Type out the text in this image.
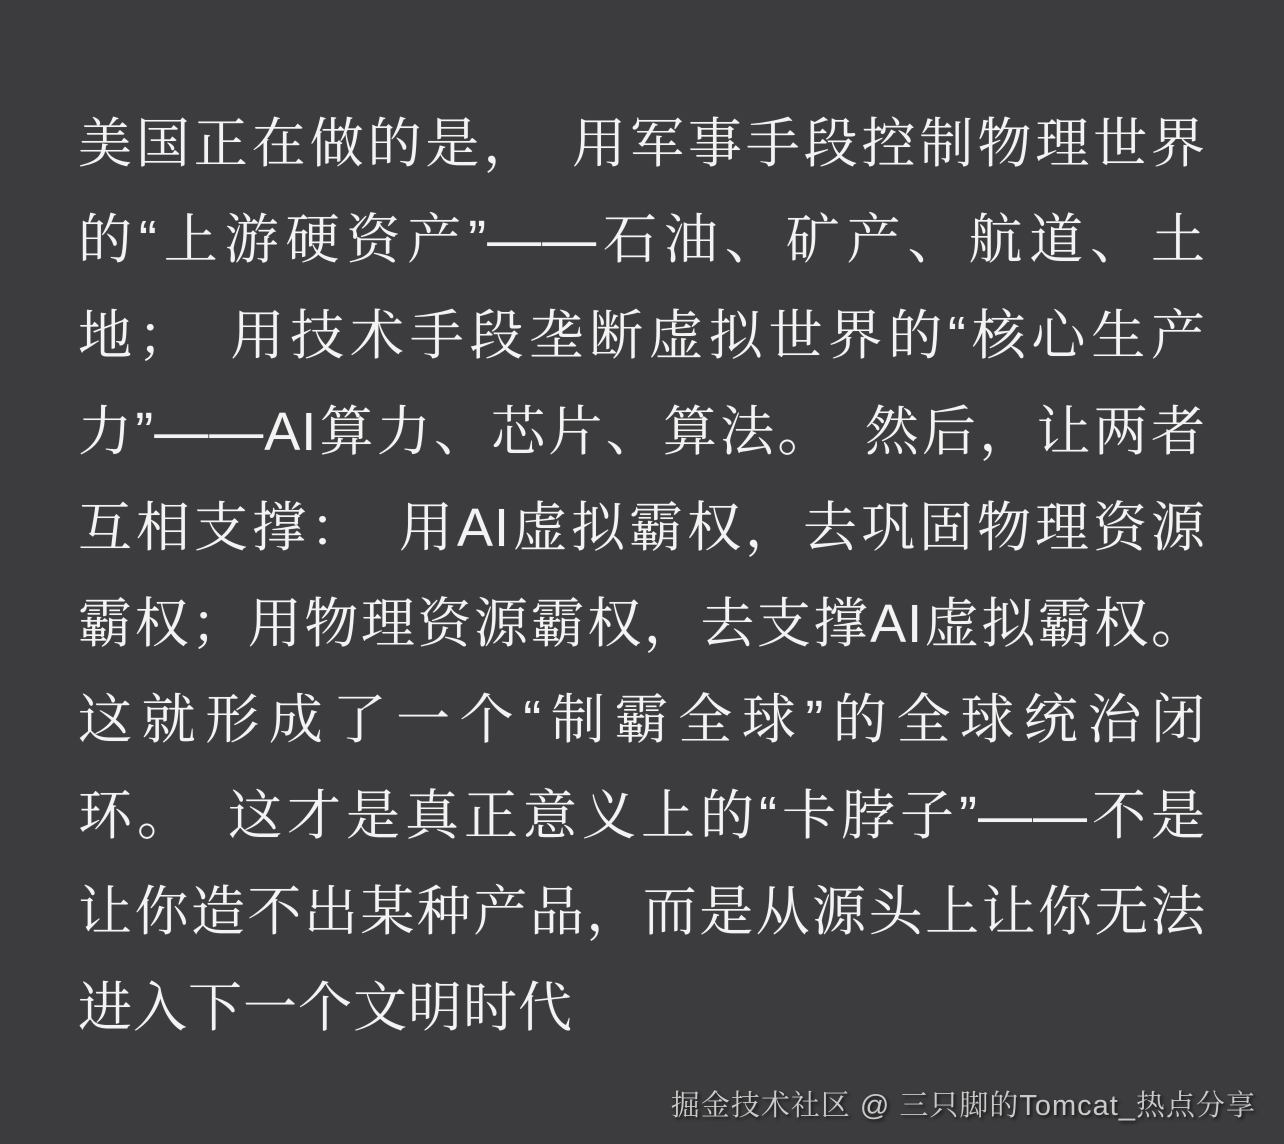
美国正在做的是，　用军事手段控制物理世界
的“上游硬资产”——石油、矿产、航道、土
地；　用技术手段垄断虚拟世界的“核心生产
力”——AI算力、芯片、算法。　然后，让两者
互相支撑：　用AI虚拟霸权，去巩固物理资源
霸权；用物理资源霸权，去支撑AI虚拟霸权。
这就形成了一个“制霸全球”的全球统治闭
环。　这才是真正意义上的“卡脖子”——不是
让你造不出某种产品，而是从源头上让你无法
进入下一个文明时代
掘金技术社区 @ 三只脚的Tomcat_热点分享
